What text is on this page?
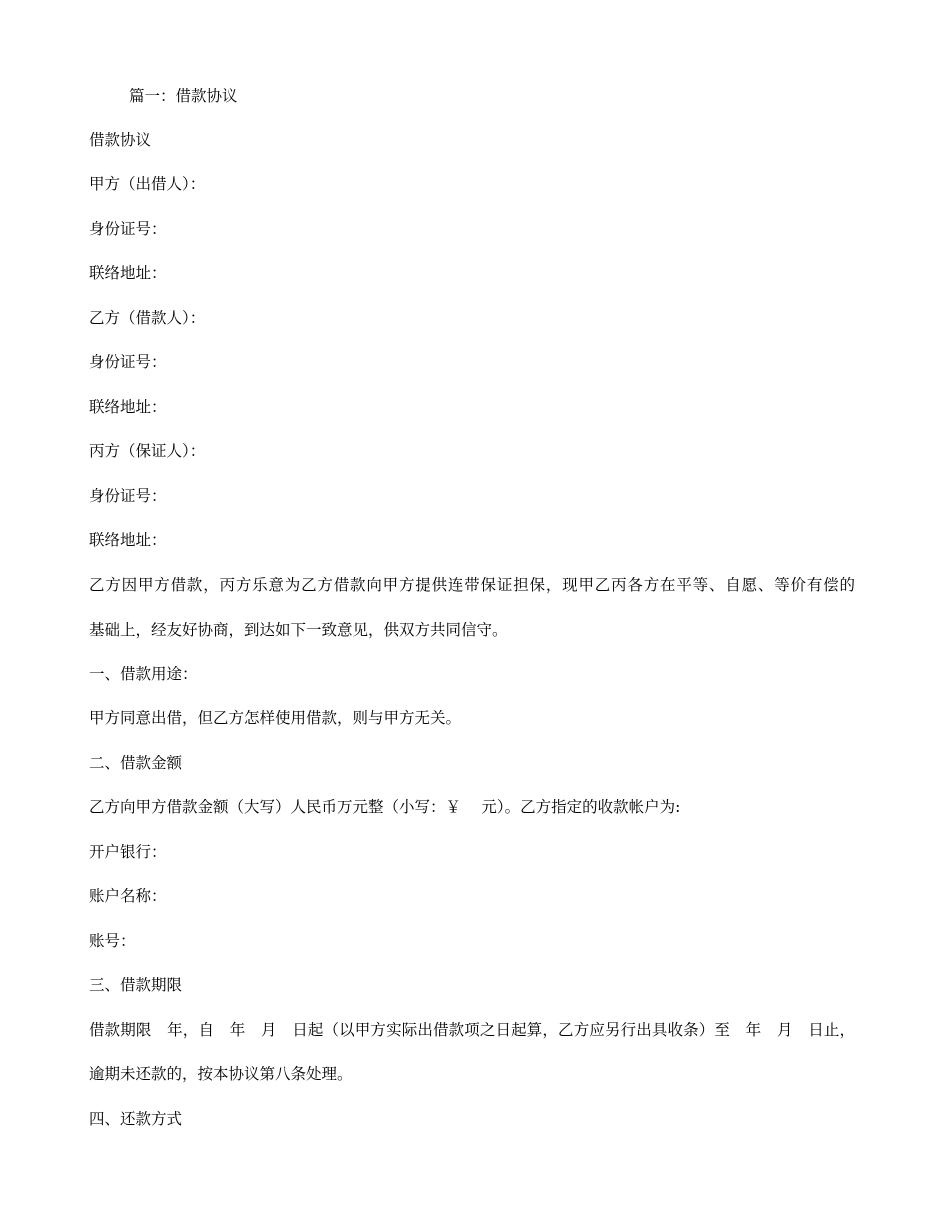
篇一：借款协议
借款协议
甲方（出借人）：
身份证号：
联络地址：
乙方（借款人）：
身份证号：
联络地址：
丙方（保证人）：
身份证号：
联络地址：
乙方因甲方借款，丙方乐意为乙方借款向甲方提供连带保证担保，现甲乙丙各方在平等、自愿、等价有偿的
基础上，经友好协商，到达如下一致意见，供双方共同信守。
一、借款用途：
甲方同意出借，但乙方怎样使用借款，则与甲方无关。
二、借款金额
乙方向甲方借款金额（大写）人民币万元整（小写：￥　 元）。乙方指定的收款帐户为:
开户银行：
账户名称：
账号：
三、借款期限
借款期限　年，自　年　月　日起（以甲方实际出借款项之日起算，乙方应另行出具收条）至　年　月　日止，
逾期未还款的，按本协议第八条处理。
四、还款方式
